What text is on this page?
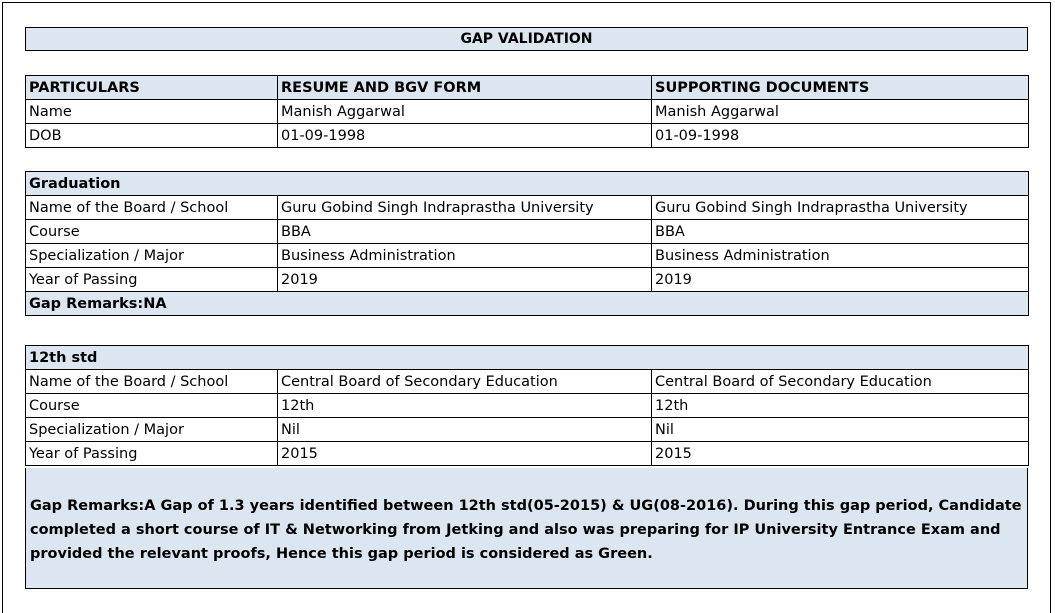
GAP VALIDATION
PARTICULARS	RESUME AND BGV FORM	SUPPORTING DOCUMENTS
Name	Manish Aggarwal	Manish Aggarwal
DOB	01-09-1998	01-09-1998
Graduation		
Name of the Board / School	Guru Gobind Singh Indraprastha University	Guru Gobind Singh Indraprastha University
Course	BBA	BBA
Specialization / Major	Business Administration	Business Administration
Year of Passing	2019	2019
Gap Remarks:NA		
12th std		
Name of the Board / School	Central Board of Secondary Education	Central Board of Secondary Education
Course	12th	12th
Specialization / Major	Nil	Nil
Year of Passing	2015	2015
Gap Remarks:A Gap of 1.3 years identified between 12th std(05-2015) & UG(08-2016). During this gap period, Candidate completed a short course of IT & Networking from Jetking and also was preparing for IP University Entrance Exam and provided the relevant proofs, Hence this gap period is considered as Green.
